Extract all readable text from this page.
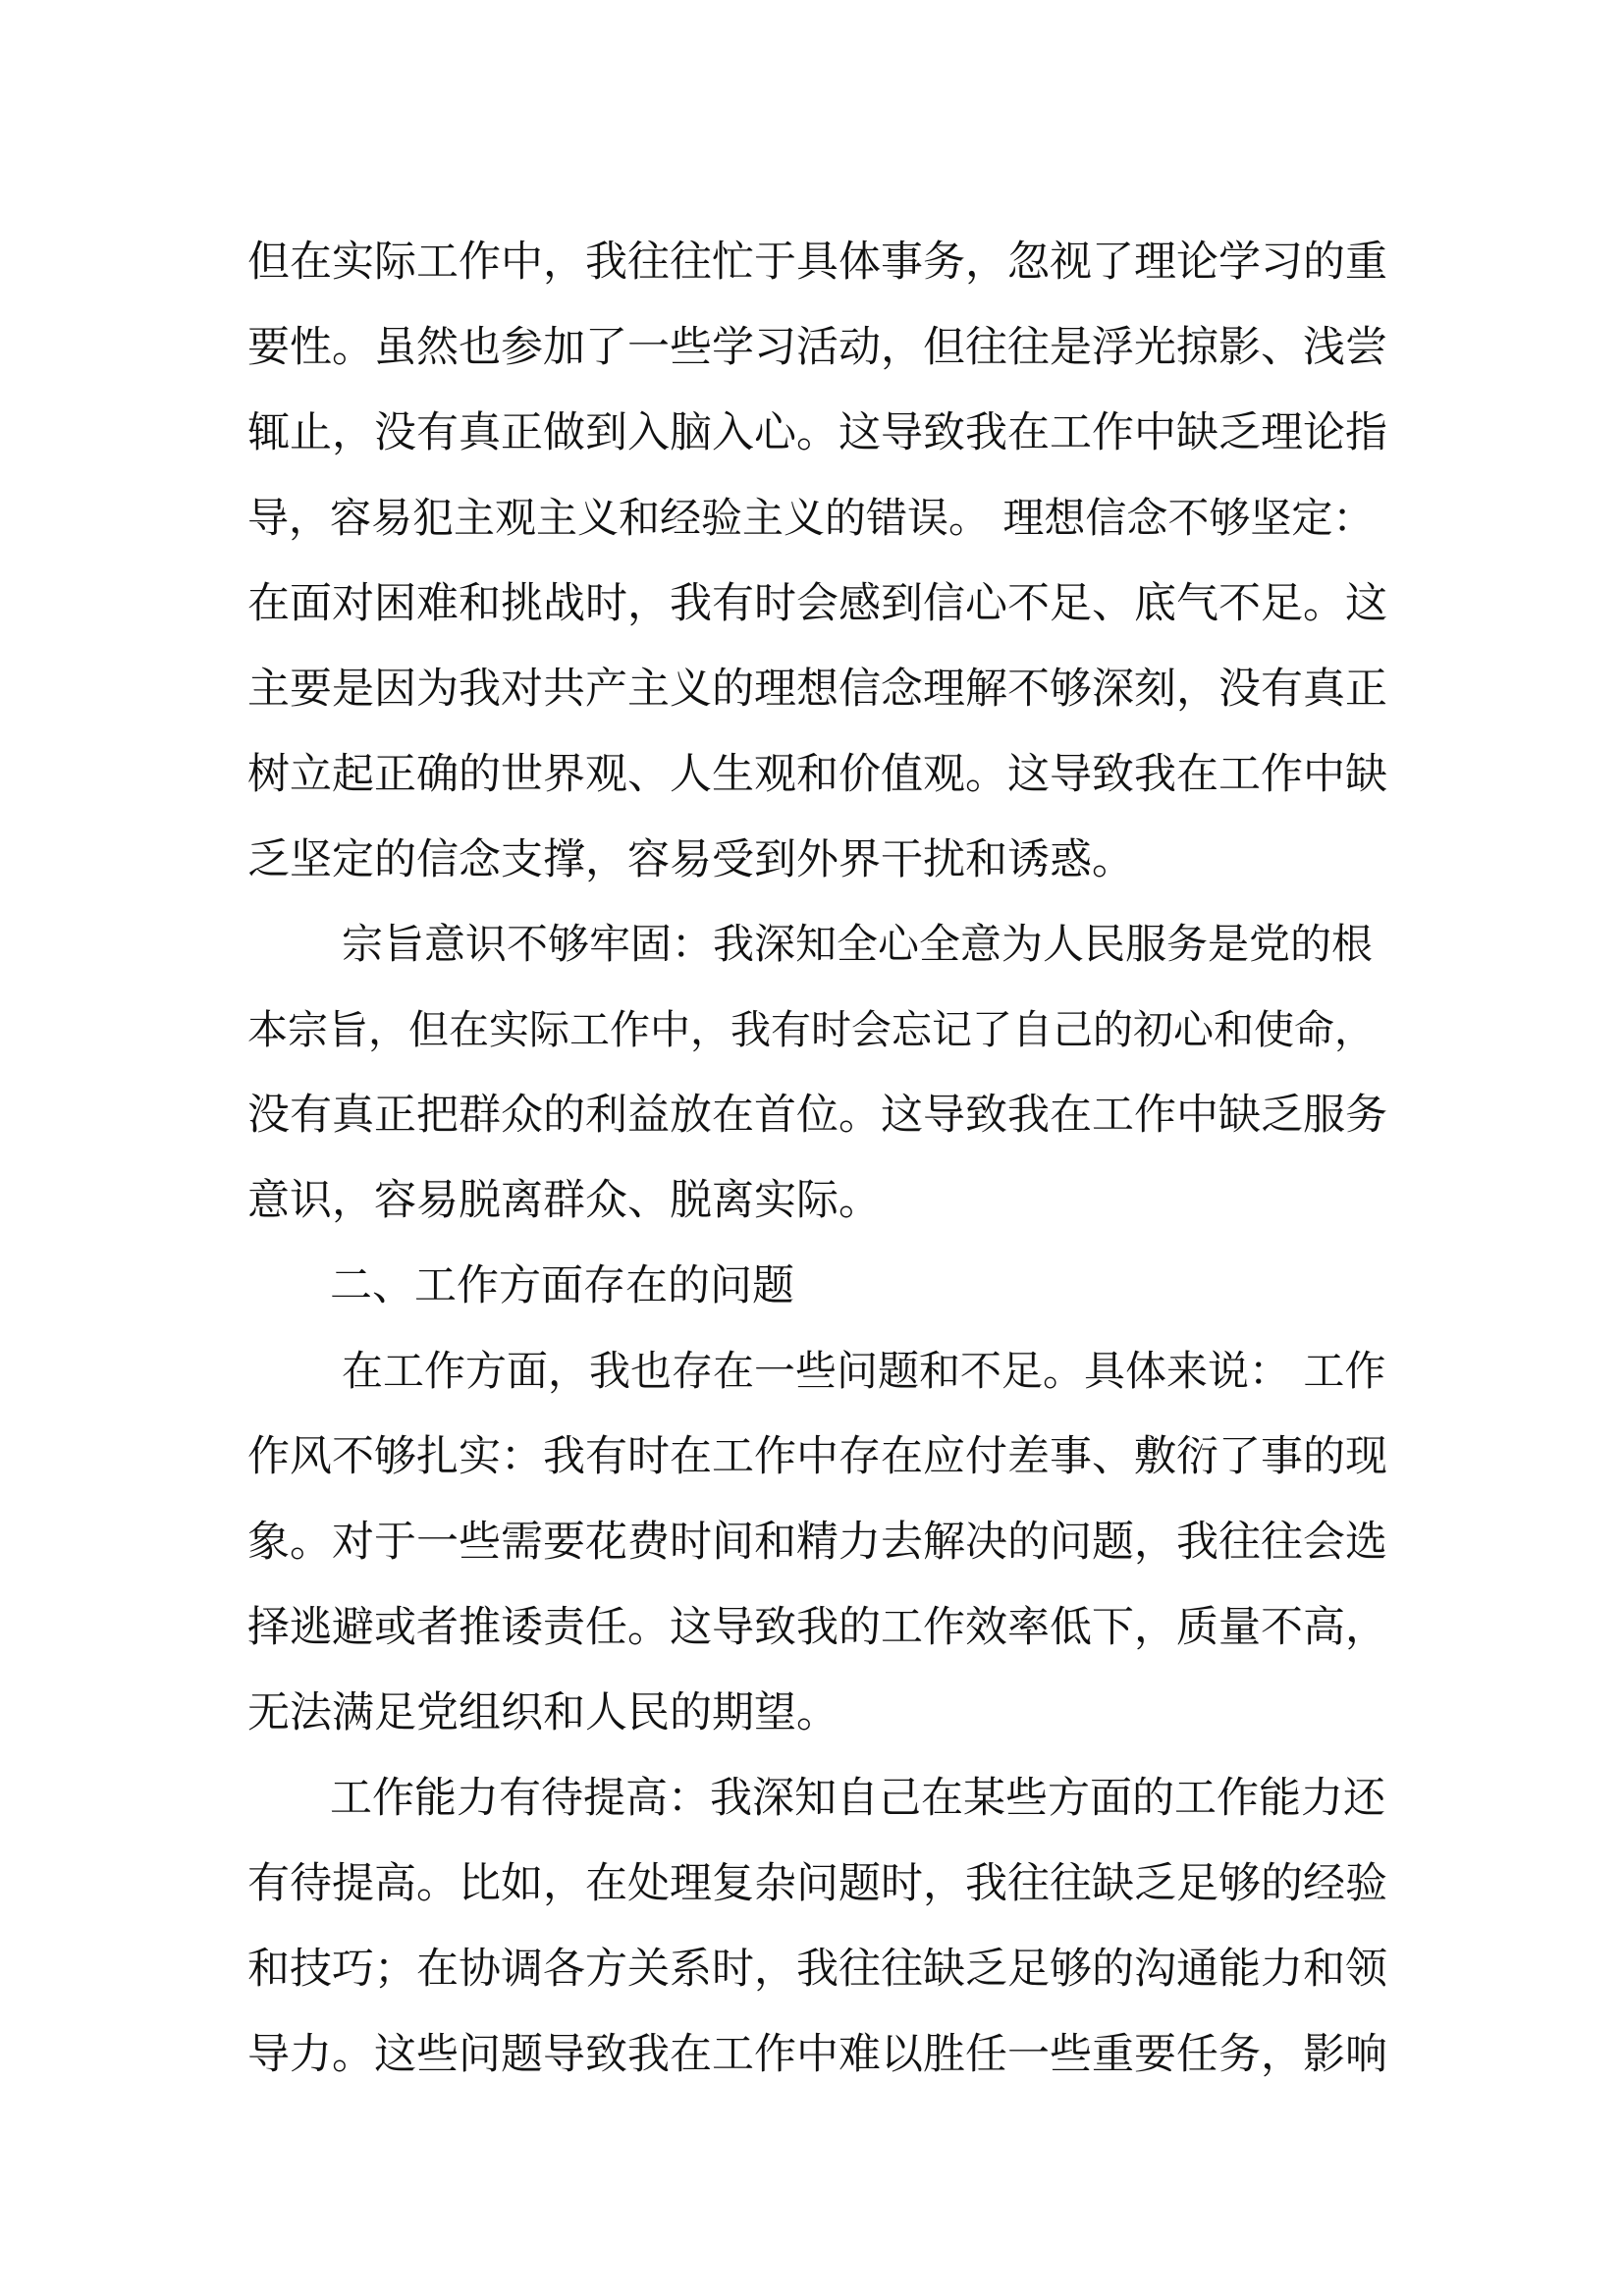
但在实际工作中，我往往忙于具体事务，忽视了理论学习的重
要性。虽然也参加了一些学习活动，但往往是浮光掠影、浅尝
辄止，没有真正做到入脑入心。这导致我在工作中缺乏理论指
导，容易犯主观主义和经验主义的错误。 理想信念不够坚定：
在面对困难和挑战时，我有时会感到信心不足、底气不足。这
主要是因为我对共产主义的理想信念理解不够深刻，没有真正
树立起正确的世界观、人生观和价值观。这导致我在工作中缺
乏坚定的信念支撑，容易受到外界干扰和诱惑。
宗旨意识不够牢固：我深知全心全意为人民服务是党的根
本宗旨，但在实际工作中，我有时会忘记了自己的初心和使命，
没有真正把群众的利益放在首位。这导致我在工作中缺乏服务
意识，容易脱离群众、脱离实际。
二、工作方面存在的问题
在工作方面，我也存在一些问题和不足。具体来说： 工作
作风不够扎实：我有时在工作中存在应付差事、敷衍了事的现
象。对于一些需要花费时间和精力去解决的问题，我往往会选
择逃避或者推诿责任。这导致我的工作效率低下，质量不高，
无法满足党组织和人民的期望。
工作能力有待提高：我深知自己在某些方面的工作能力还
有待提高。比如，在处理复杂问题时，我往往缺乏足够的经验
和技巧；在协调各方关系时，我往往缺乏足够的沟通能力和领
导力。这些问题导致我在工作中难以胜任一些重要任务，影响
